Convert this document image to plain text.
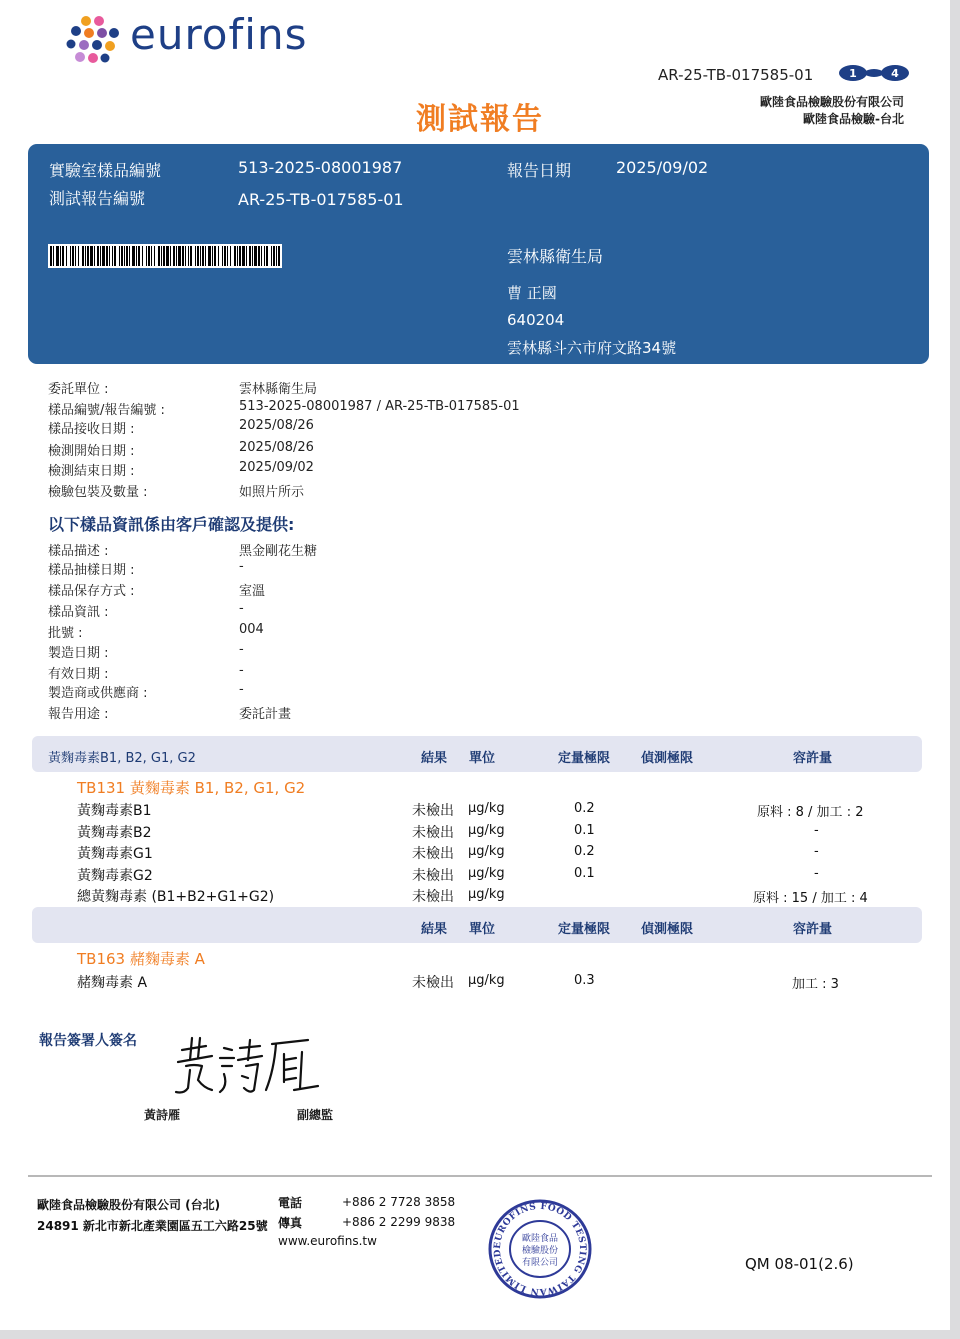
eurofins
AR-25-TB-017585-01	1	4
歐陸食品檢驗股份有限公司
歐陸食品檢驗-台北
測試報告
實驗室樣品編號	513-2025-08001987
測試報告編號	AR-25-TB-017585-01
報告日期	2025/09/02
雲林縣衛生局
曹 正國
640204
雲林縣斗六市府文路34號
委託單位 :	雲林縣衛生局
樣品編號/報告編號 :	513-2025-08001987 / AR-25-TB-017585-01
樣品接收日期 :	2025/08/26
檢測開始日期 :	2025/08/26
檢測結束日期 :	2025/09/02
檢驗包裝及數量 :	如照片所示
以下樣品資訊係由客戶確認及提供:
樣品描述 :	黑金剛花生糖
樣品抽樣日期 :	-
樣品保存方式 :	室溫
樣品資訊 :	-
批號 :	004
製造日期 :	-
有效日期 :	-
製造商或供應商 :	-
報告用途 :	委託計畫
黃麴毒素B1, B2, G1, G2	結果 單位	定量極限 偵測極限	容許量
TB131 黃麴毒素 B1, B2, G1, G2
黃麴毒素B1	未檢出 μg/kg	0.2	原料 : 8 / 加工 : 2
黃麴毒素B2	未檢出 μg/kg	0.1	-
黃麴毒素G1	未檢出 μg/kg	0.2	-
黃麴毒素G2	未檢出 μg/kg	0.1	-
總黃麴毒素 (B1+B2+G1+G2)	未檢出 μg/kg	原料 : 15 / 加工 : 4
結果 單位	定量極限 偵測極限	容許量
TB163 赭麴毒素 A
赭麴毒素 A	未檢出 μg/kg	0.3	加工 : 3
報告簽署人簽名
黃詩雁	副總監
歐陸食品檢驗股份有限公司 (台北)
24891 新北市新北產業園區五工六路25號
電話	+886 2 7728 3858
傳真	+886 2 2299 9838
www.eurofins.tw	EUROFINS FOOD TESTING TAIWAN LIMITED
歐陸食品
檢驗股份
有限公司	QM 08-01(2.6)
